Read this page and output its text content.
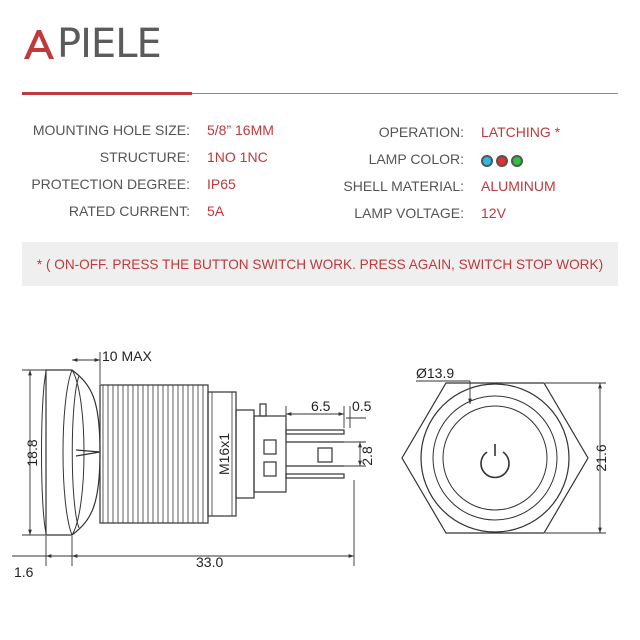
PIELE
MOUNTING HOLE SIZE: 5/8” 16MM
STRUCTURE: 1NO 1NC
PROTECTION DEGREE: IP65
RATED CURRENT: 5A
OPERATION: LATCHING *
LAMP COLOR:
SHELL MATERIAL: ALUMINUM
LAMP VOLTAGE: 12V
* ( ON-OFF. PRESS THE BUTTON SWITCH WORK. PRESS AGAIN, SWITCH STOP WORK)
10 MAX
18.8
1.6
33.0
M16x1
6.5 0.5
2.8
Ø13.9
21.6
